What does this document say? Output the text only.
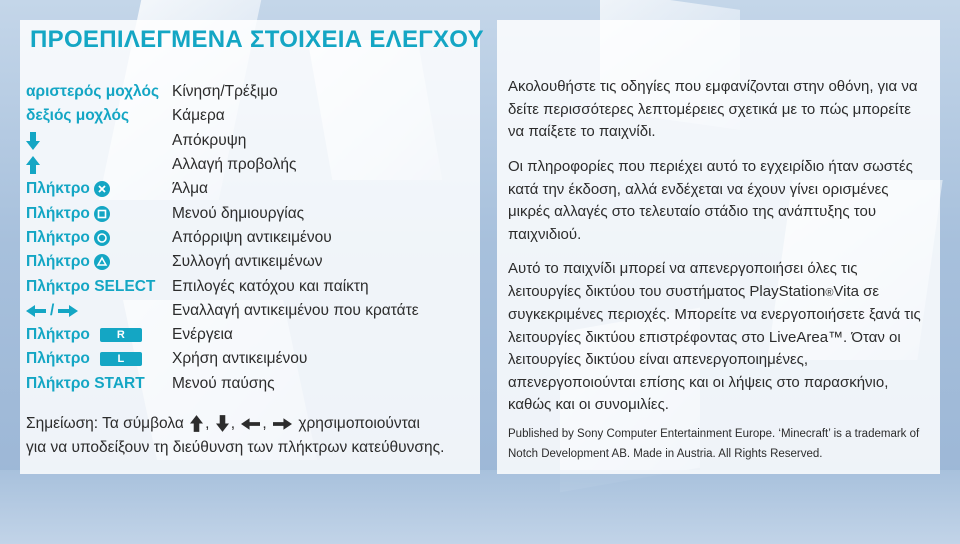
ΠΡΟΕΠΙΛΕΓΜΕΝΑ ΣΤΟΙΧΕΙΑ ΕΛΕΓΧΟΥ
αριστερός μοχλός Κίνηση/Τρέξιμο
δεξιός μοχλός	Κάμερα
Απόκρυψη
Αλλαγή προβολής
Πλήκτρο	Άλμα
Πλήκτρο	Μενού δημιουργίας
Πλήκτρο	Απόρριψη αντικειμένου
Πλήκτρο	Συλλογή αντικειμένων
Πλήκτρο SELECT	Επιλογές κατόχου και παίκτη
/	Εναλλαγή αντικειμένου που κρατάτε
Πλήκτρο	R	Ενέργεια
Πλήκτρο	L	Χρήση αντικειμένου
Πλήκτρο START	Μενού παύσης
Σημείωση: Τα σύμβολα , , , χρησιμοποιούνται
για να υποδείξουν τη διεύθυνση των πλήκτρων κατεύθυνσης.
Ακολουθήστε τις οδηγίες που εμφανίζονται στην οθόνη, για να δείτε περισσότερες λεπτομέρειες σχετικά με το πώς μπορείτε να παίξετε το παιχνίδι.
Οι πληροφορίες που περιέχει αυτό το εγχειρίδιο ήταν σωστές κατά την έκδοση, αλλά ενδέχεται να έχουν γίνει ορισμένες μικρές αλλαγές στο τελευταίο στάδιο της ανάπτυξης του παιχνιδιού.
Αυτό το παιχνίδι μπορεί να απενεργοποιήσει όλες τις λειτουργίες δικτύου του συστήματος PlayStation®Vita σε συγκεκριμένες περιοχές. Μπορείτε να ενεργοποιήσετε ξανά τις λειτουργίες δικτύου επιστρέφοντας στο LiveArea™. Όταν οι λειτουργίες δικτύου είναι απενεργοποιημένες, απενεργοποιούνται επίσης και οι λήψεις στο παρασκήνιο, καθώς και οι συνομιλίες.
Published by Sony Computer Entertainment Europe. ‘Minecraft’ is a trademark of Notch Development AB. Made in Austria. All Rights Reserved.
